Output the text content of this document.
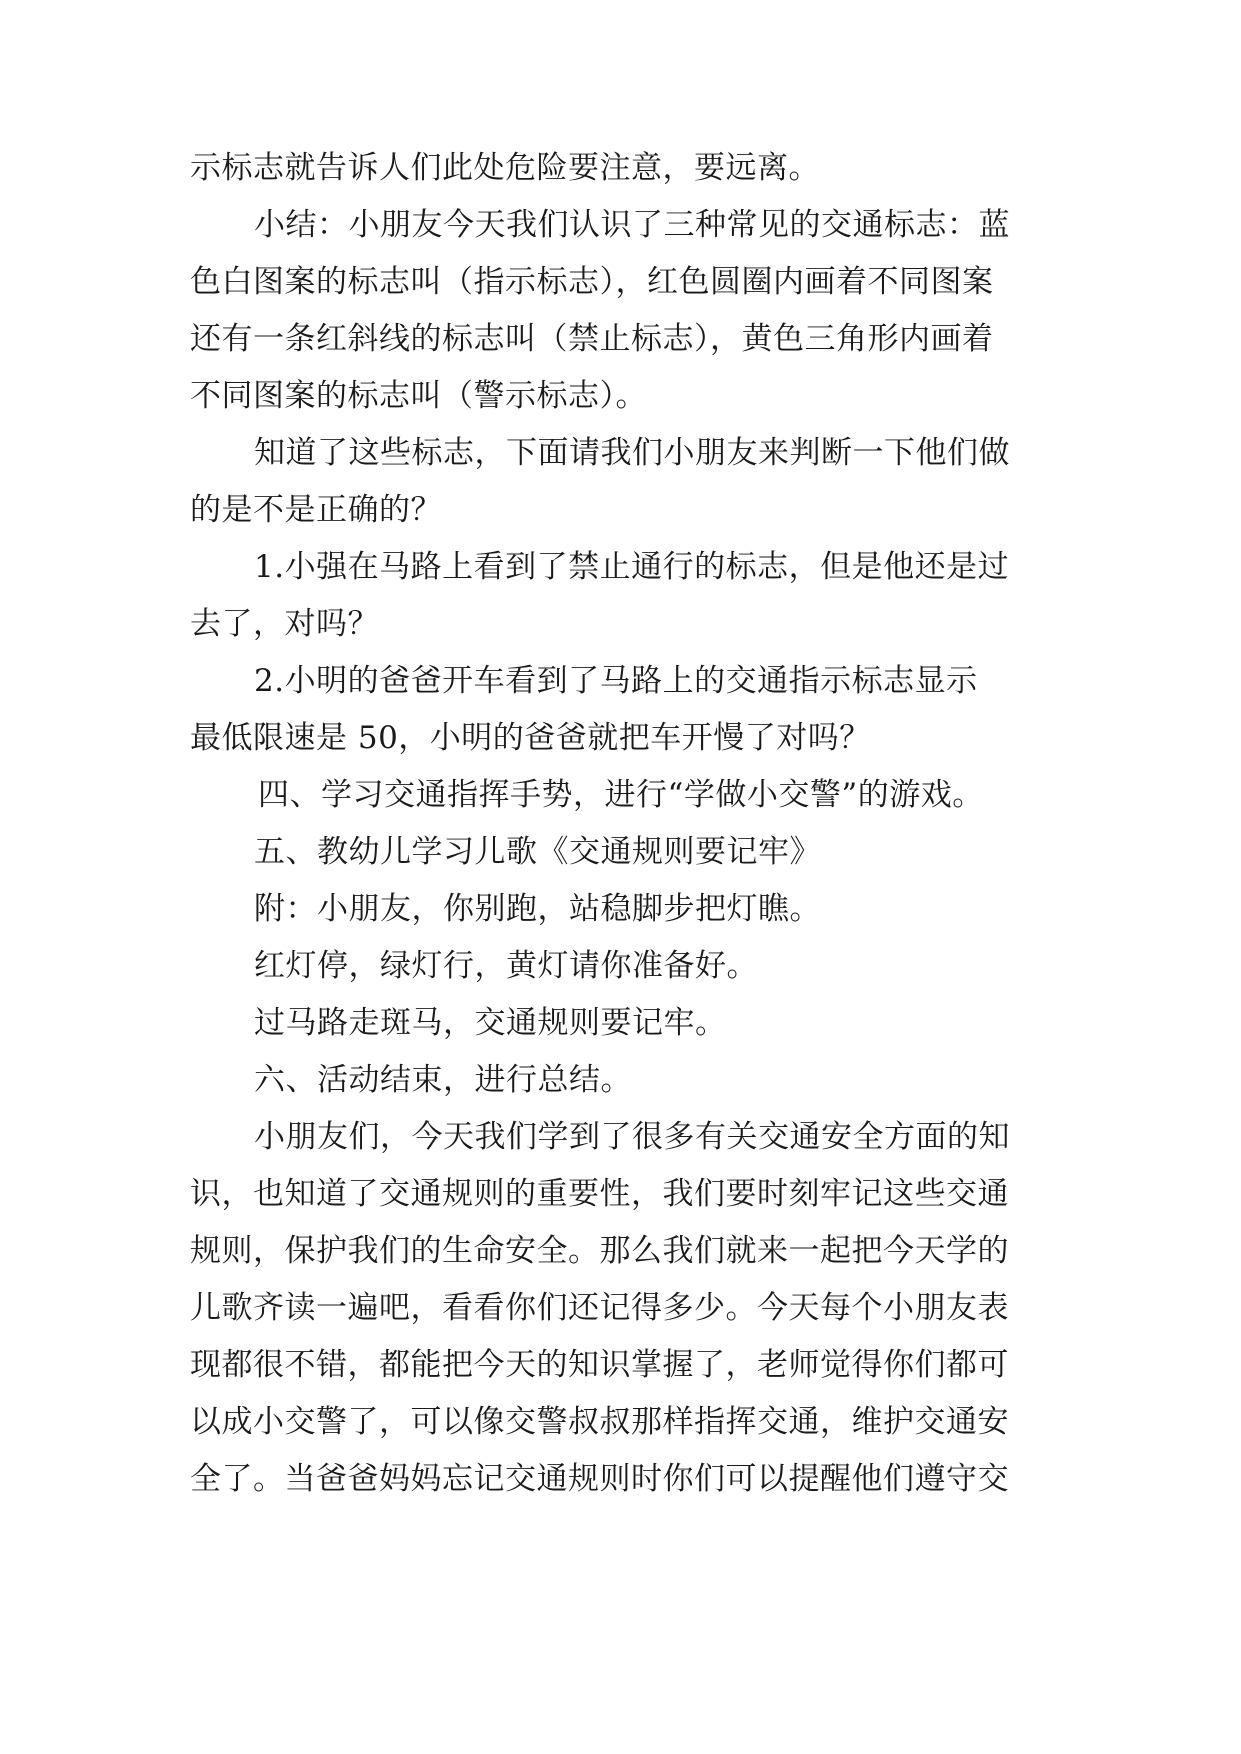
示标志就告诉人们此处危险要注意，要远离。

小结：小朋友今天我们认识了三种常见的交通标志：蓝

色白图案的标志叫（指示标志），红色圆圈内画着不同图案

还有一条红斜线的标志叫（禁止标志），黄色三角形内画着

不同图案的标志叫（警示标志）。

知道了这些标志，下面请我们小朋友来判断一下他们做

的是不是正确的？

1.小强在马路上看到了禁止通行的标志，但是他还是过

去了，对吗？

2.小明的爸爸开车看到了马路上的交通指示标志显示

最低限速是 50，小明的爸爸就把车开慢了对吗？

四、学习交通指挥手势，进行“学做小交警”的游戏。

五、教幼儿学习儿歌《交通规则要记牢》

附：小朋友，你别跑，站稳脚步把灯瞧。

红灯停，绿灯行，黄灯请你准备好。

过马路走斑马，交通规则要记牢。

六、活动结束，进行总结。

小朋友们，今天我们学到了很多有关交通安全方面的知

识，也知道了交通规则的重要性，我们要时刻牢记这些交通

规则，保护我们的生命安全。那么我们就来一起把今天学的

儿歌齐读一遍吧，看看你们还记得多少。今天每个小朋友表

现都很不错，都能把今天的知识掌握了，老师觉得你们都可

以成小交警了，可以像交警叔叔那样指挥交通，维护交通安

全了。当爸爸妈妈忘记交通规则时你们可以提醒他们遵守交
